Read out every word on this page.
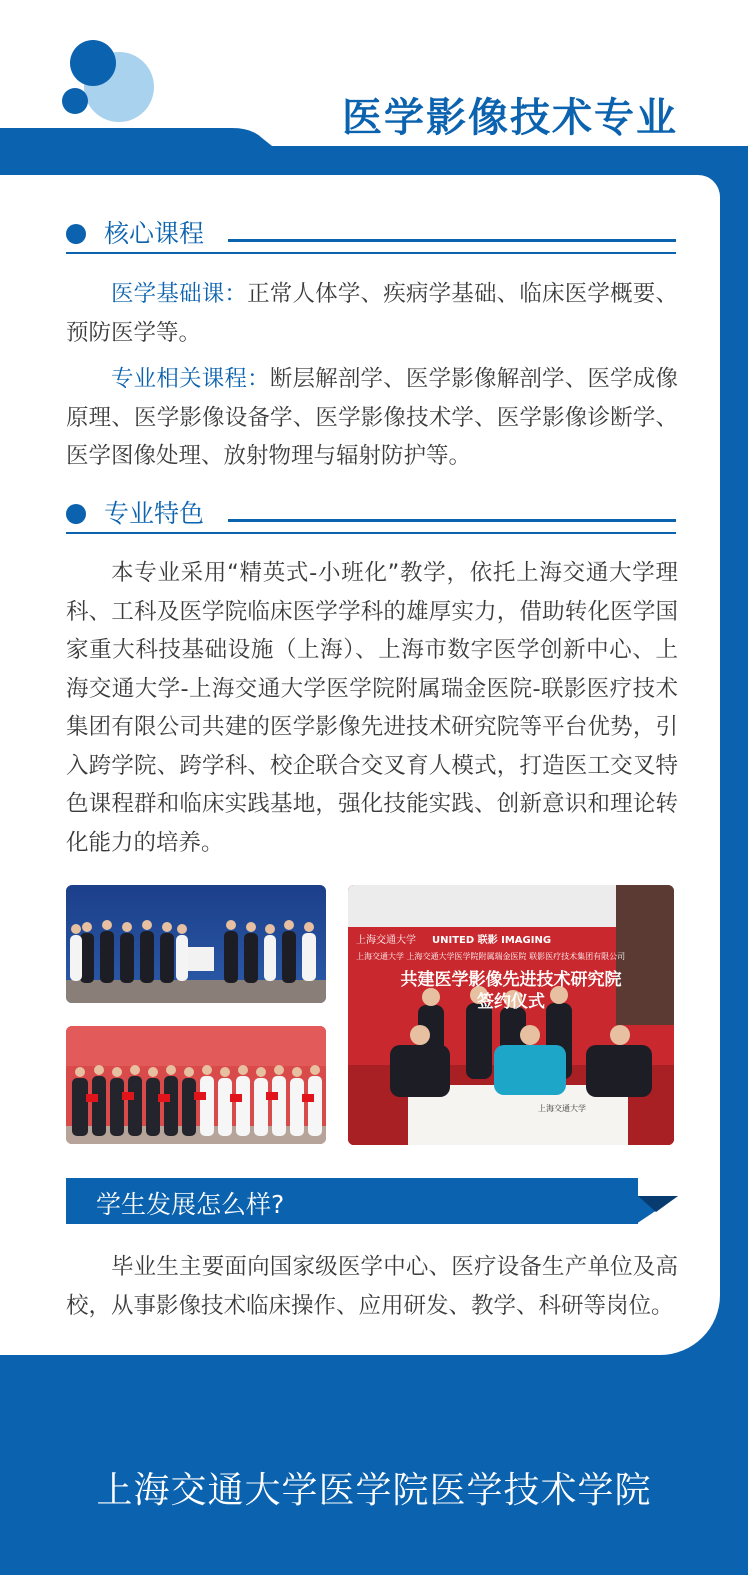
医学影像技术专业
核心课程

医学基础课：正常人体学、疾病学基础、临床医学概要、预防医学等。

专业相关课程：断层解剖学、医学影像解剖学、医学成像原理、医学影像设备学、医学影像技术学、医学影像诊断学、医学图像处理、放射物理与辐射防护等。

专业特色

本专业采用“精英式-小班化”教学，依托上海交通大学理科、工科及医学院临床医学学科的雄厚实力，借助转化医学国家重大科技基础设施（上海）、上海市数字医学创新中心、上海交通大学-上海交通大学医学院附属瑞金医院-联影医疗技术集团有限公司共建的医学影像先进技术研究院等平台优势，引入跨学院、跨学科、校企联合交叉育人模式，打造医工交叉特色课程群和临床实践基地，强化技能实践、创新意识和理论转化能力的培养。

上海交通大学 UNITED 联影 IMAGING
上海交通大学 上海交通大学医学院附属瑞金医院 联影医疗技术集团有限公司
共建医学影像先进技术研究院
签约仪式
上海交通大学
学生发展怎么样?

毕业生主要面向国家级医学中心、医疗设备生产单位及高校，从事影像技术临床操作、应用研发、教学、科研等岗位。

上海交通大学医学院医学技术学院
